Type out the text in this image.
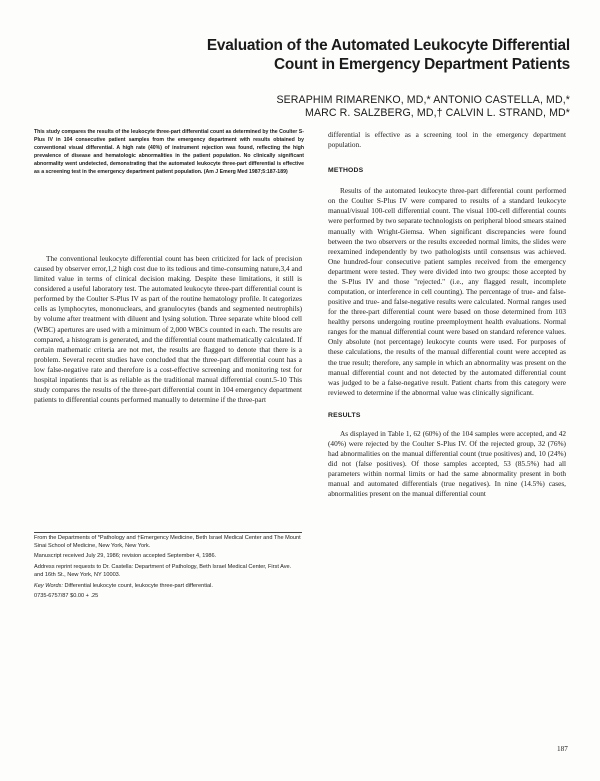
Evaluation of the Automated Leukocyte Differential
Count in Emergency Department Patients
SERAPHIM RIMARENKO, MD,* ANTONIO CASTELLA, MD,*
MARC R. SALZBERG, MD,† CALVIN L. STRAND, MD*

This study compares the results of the leukocyte three-part differential count as determined by the Coulter S-Plus IV in 104 consecutive patient samples from the emergency department with results obtained by conventional visual differential. A high rate (40%) of instrument rejection was found, reflecting the high prevalence of disease and hematologic abnormalities in the patient population. No clinically significant abnormality went undetected, demonstrating that the automated leukocyte three-part differential is effective as a screening test in the emergency department patient population. (Am J Emerg Med 1987;5:187-189)

The conventional leukocyte differential count has been criticized for lack of precision caused by observer error,1,2 high cost due to its tedious and time-consuming nature,3,4 and limited value in terms of clinical decision making. Despite these limitations, it still is considered a useful laboratory test. The automated leukocyte three-part differential count is performed by the Coulter S-Plus IV as part of the routine hematology profile. It categorizes cells as lymphocytes, mononuclears, and granulocytes (bands and segmented neutrophils) by volume after treatment with diluent and lysing solution. Three separate white blood cell (WBC) apertures are used with a minimum of 2,000 WBCs counted in each. The results are compared, a histogram is generated, and the differential count mathematically calculated. If certain mathematic criteria are not met, the results are flagged to denote that there is a problem. Several recent studies have concluded that the three-part differential count has a low false-negative rate and therefore is a cost-effective screening and monitoring test for hospital inpatients that is as reliable as the traditional manual differential count.5-10 This study compares the results of the three-part differential count in 104 emergency department patients to differential counts performed manually to determine if the three-part

From the Departments of *Pathology and †Emergency Medicine, Beth Israel Medical Center and The Mount Sinai School of Medicine, New York, New York.

Manuscript received July 29, 1986; revision accepted September 4, 1986.

Address reprint requests to Dr. Castella: Department of Pathology, Beth Israel Medical Center, First Ave. and 16th St., New York, NY 10003.

Key Words: Differential leukocyte count, leukocyte three-part differential.

0735-6757/87 $0.00 + .25

differential is effective as a screening tool in the emergency department population.

METHODS

Results of the automated leukocyte three-part differential count performed on the Coulter S-Plus IV were compared to results of a standard leukocyte manual/visual 100-cell differential count. The visual 100-cell differential counts were performed by two separate technologists on peripheral blood smears stained manually with Wright-Giemsa. When significant discrepancies were found between the two observers or the results exceeded normal limits, the slides were reexamined independently by two pathologists until consensus was achieved. One hundred-four consecutive patient samples received from the emergency department were tested. They were divided into two groups: those accepted by the S-Plus IV and those "rejected." (i.e., any flagged result, incomplete computation, or interference in cell counting). The percentage of true- and false-positive and true- and false-negative results were calculated. Normal ranges used for the three-part differential count were based on those determined from 103 healthy persons undergoing routine preemployment health evaluations. Normal ranges for the manual differential count were based on standard reference values. Only absolute (not percentage) leukocyte counts were used. For purposes of these calculations, the results of the manual differential count were accepted as the true result; therefore, any sample in which an abnormality was present on the manual differential count and not detected by the automated differential count was judged to be a false-negative result. Patient charts from this category were reviewed to determine if the abnormal value was clinically significant.

RESULTS

As displayed in Table 1, 62 (60%) of the 104 samples were accepted, and 42 (40%) were rejected by the Coulter S-Plus IV. Of the rejected group, 32 (76%) had abnormalities on the manual differential count (true positives) and, 10 (24%) did not (false positives). Of those samples accepted, 53 (85.5%) had all parameters within normal limits or had the same abnormality present in both manual and automated differentials (true negatives). In nine (14.5%) cases, abnormalities present on the manual differential count

187
